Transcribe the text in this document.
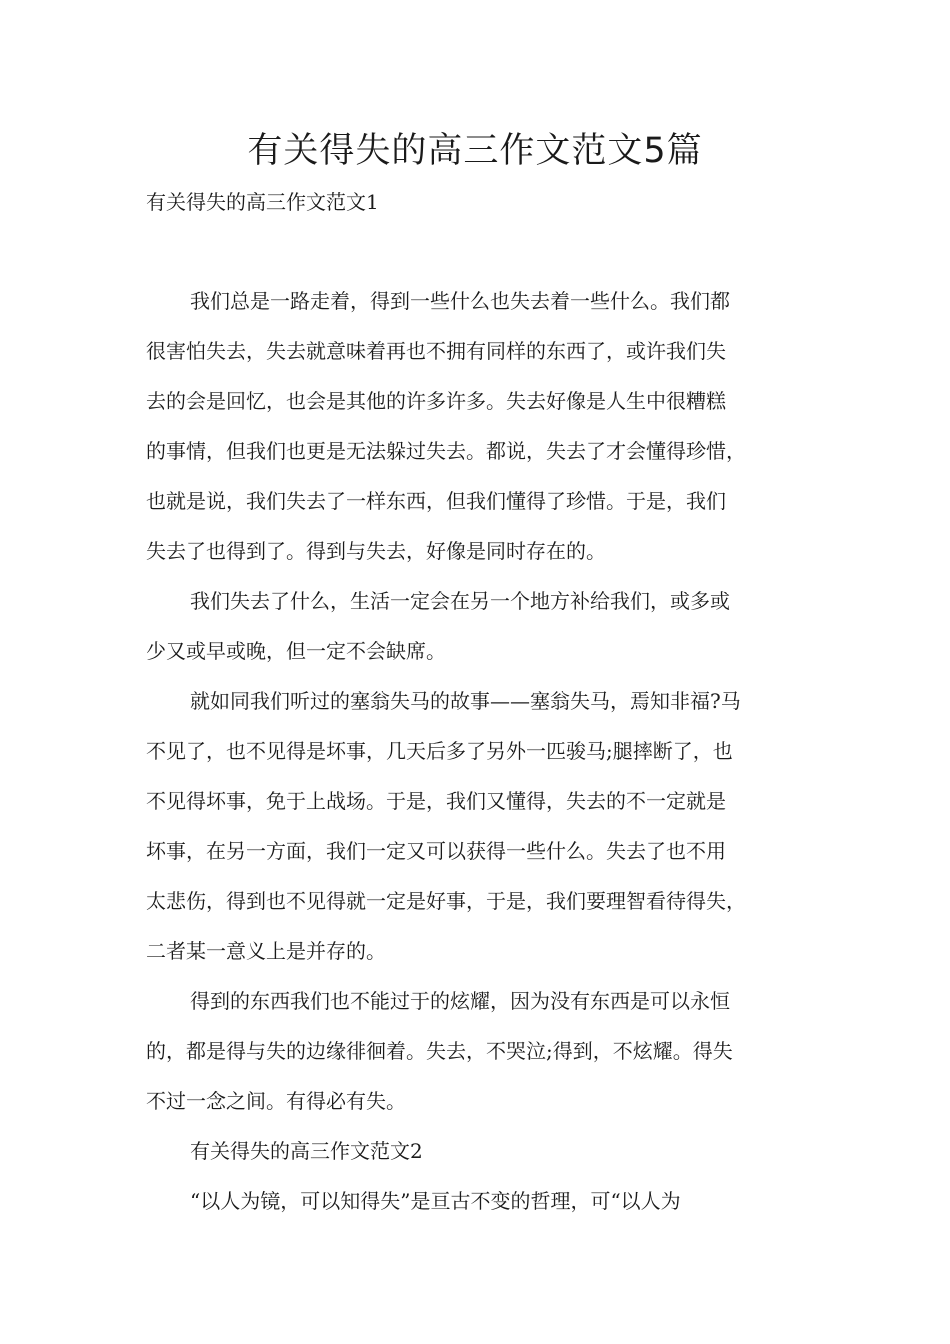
有关得失的高三作文范文5篇
有关得失的高三作文范文1

我们总是一路走着，得到一些什么也失去着一些什么。我们都

很害怕失去，失去就意味着再也不拥有同样的东西了，或许我们失

去的会是回忆，也会是其他的许多许多。失去好像是人生中很糟糕

的事情，但我们也更是无法躲过失去。都说，失去了才会懂得珍惜，

也就是说，我们失去了一样东西，但我们懂得了珍惜。于是，我们

失去了也得到了。得到与失去，好像是同时存在的。

我们失去了什么，生活一定会在另一个地方补给我们，或多或

少又或早或晚，但一定不会缺席。

就如同我们听过的塞翁失马的故事——塞翁失马，焉知非福?马

不见了，也不见得是坏事，几天后多了另外一匹骏马;腿摔断了，也

不见得坏事，免于上战场。于是，我们又懂得，失去的不一定就是

坏事，在另一方面，我们一定又可以获得一些什么。失去了也不用

太悲伤，得到也不见得就一定是好事，于是，我们要理智看待得失，

二者某一意义上是并存的。

得到的东西我们也不能过于的炫耀，因为没有东西是可以永恒

的，都是得与失的边缘徘徊着。失去，不哭泣;得到，不炫耀。得失

不过一念之间。有得必有失。

有关得失的高三作文范文2

“以人为镜，可以知得失”是亘古不变的哲理，可“以人为
